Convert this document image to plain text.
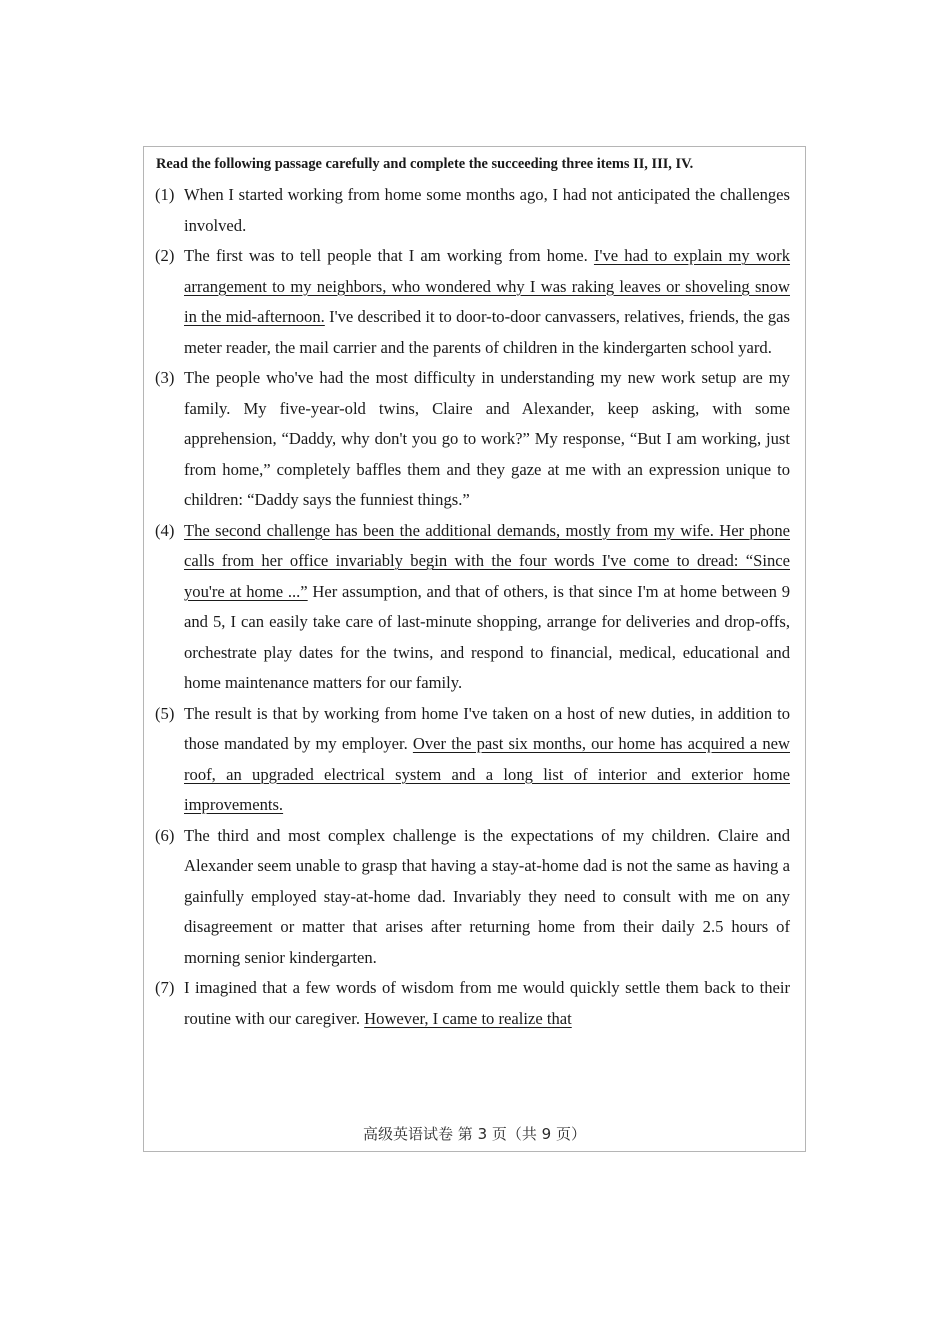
Read the following passage carefully and complete the succeeding three items II, III, IV.
(1) When I started working from home some months ago, I had not anticipated the challenges involved.
(2) The first was to tell people that I am working from home. I've had to explain my work arrangement to my neighbors, who wondered why I was raking leaves or shoveling snow in the mid-afternoon. I've described it to door-to-door canvassers, relatives, friends, the gas meter reader, the mail carrier and the parents of children in the kindergarten school yard.
(3) The people who've had the most difficulty in understanding my new work setup are my family. My five-year-old twins, Claire and Alexander, keep asking, with some apprehension, “Daddy, why don't you go to work?” My response, “But I am working, just from home,” completely baffles them and they gaze at me with an expression unique to children: “Daddy says the funniest things.”
(4) The second challenge has been the additional demands, mostly from my wife. Her phone calls from her office invariably begin with the four words I've come to dread: “Since you're at home ...” Her assumption, and that of others, is that since I'm at home between 9 and 5, I can easily take care of last-minute shopping, arrange for deliveries and drop-offs, orchestrate play dates for the twins, and respond to financial, medical, educational and home maintenance matters for our family.
(5) The result is that by working from home I've taken on a host of new duties, in addition to those mandated by my employer. Over the past six months, our home has acquired a new roof, an upgraded electrical system and a long list of interior and exterior home improvements.
(6) The third and most complex challenge is the expectations of my children. Claire and Alexander seem unable to grasp that having a stay-at-home dad is not the same as having a gainfully employed stay-at-home dad. Invariably they need to consult with me on any disagreement or matter that arises after returning home from their daily 2.5 hours of morning senior kindergarten.
(7) I imagined that a few words of wisdom from me would quickly settle them back to their routine with our caregiver. However, I came to realize that
高级英语试卷 第 3 页（共 9 页）
